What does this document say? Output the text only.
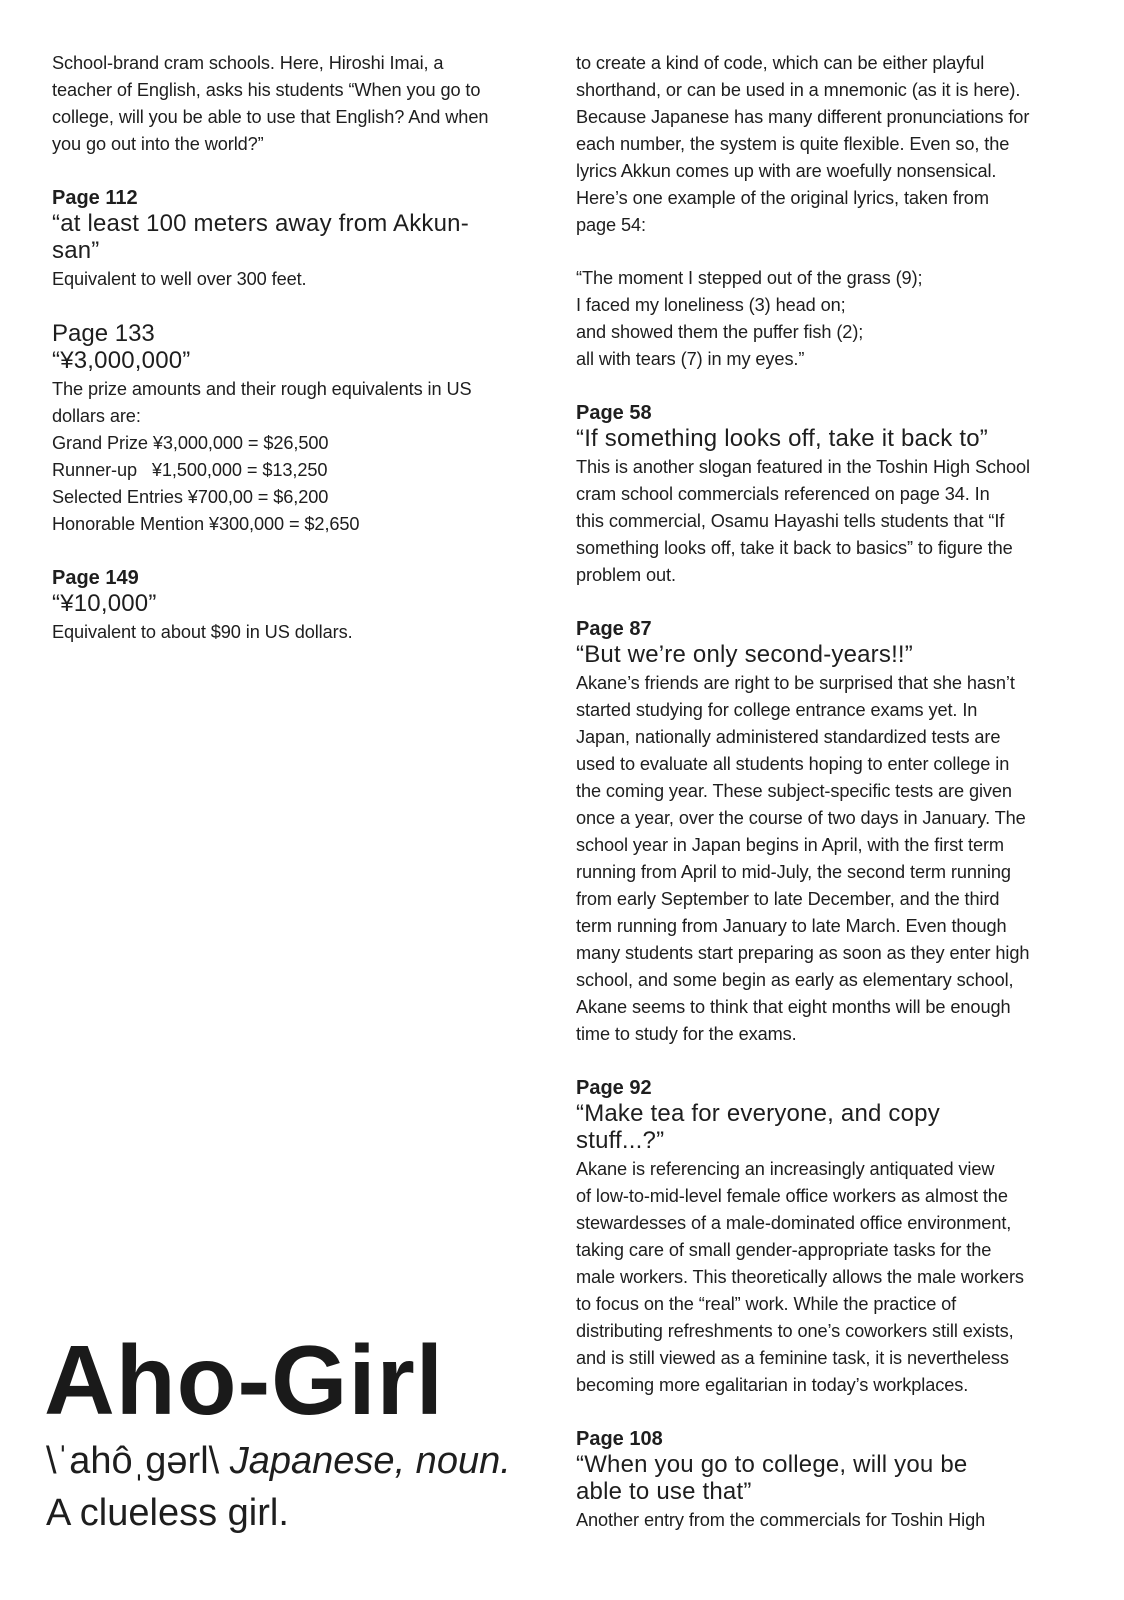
School-brand cram schools. Here, Hiroshi Imai, a
teacher of English, asks his students “When you go to
college, will you be able to use that English? And when
you go out into the world?”

Page 112

“at least 100 meters away from Akkun-
san”

Equivalent to well over 300 feet.

Page 133

“¥3,000,000”

The prize amounts and their rough equivalents in US
dollars are:
Grand Prize ¥3,000,000 = $26,500
Runner-up   ¥1,500,000 = $13,250
Selected Entries ¥700,00 = $6,200
Honorable Mention ¥300,000 = $2,650

Page 149

“¥10,000”

Equivalent to about $90 in US dollars.

to create a kind of code, which can be either playful
shorthand, or can be used in a mnemonic (as it is here).
Because Japanese has many different pronunciations for
each number, the system is quite flexible. Even so, the
lyrics Akkun comes up with are woefully nonsensical.
Here’s one example of the original lyrics, taken from
page 54:

“The moment I stepped out of the grass (9);
I faced my loneliness (3) head on;
and showed them the puffer fish (2);
all with tears (7) in my eyes.”

Page 58

“If something looks off, take it back to”

This is another slogan featured in the Toshin High School
cram school commercials referenced on page 34. In
this commercial, Osamu Hayashi tells students that “If
something looks off, take it back to basics” to figure the
problem out.

Page 87

“But we’re only second-years!!”

Akane’s friends are right to be surprised that she hasn’t
started studying for college entrance exams yet. In
Japan, nationally administered standardized tests are
used to evaluate all students hoping to enter college in
the coming year. These subject-specific tests are given
once a year, over the course of two days in January. The
school year in Japan begins in April, with the first term
running from April to mid-July, the second term running
from early September to late December, and the third
term running from January to late March. Even though
many students start preparing as soon as they enter high
school, and some begin as early as elementary school,
Akane seems to think that eight months will be enough
time to study for the exams.

Page 92

“Make tea for everyone, and copy
stuff...?”

Akane is referencing an increasingly antiquated view
of low-to-mid-level female office workers as almost the
stewardesses of a male-dominated office environment,
taking care of small gender-appropriate tasks for the
male workers. This theoretically allows the male workers
to focus on the “real” work. While the practice of
distributing refreshments to one’s coworkers still exists,
and is still viewed as a feminine task, it is nevertheless
becoming more egalitarian in today’s workplaces.

Page 108

“When you go to college, will you be
able to use that”

Another entry from the commercials for Toshin High

Aho-Girl

\ˈahôˌgərl\ Japanese, noun.

A clueless girl.
